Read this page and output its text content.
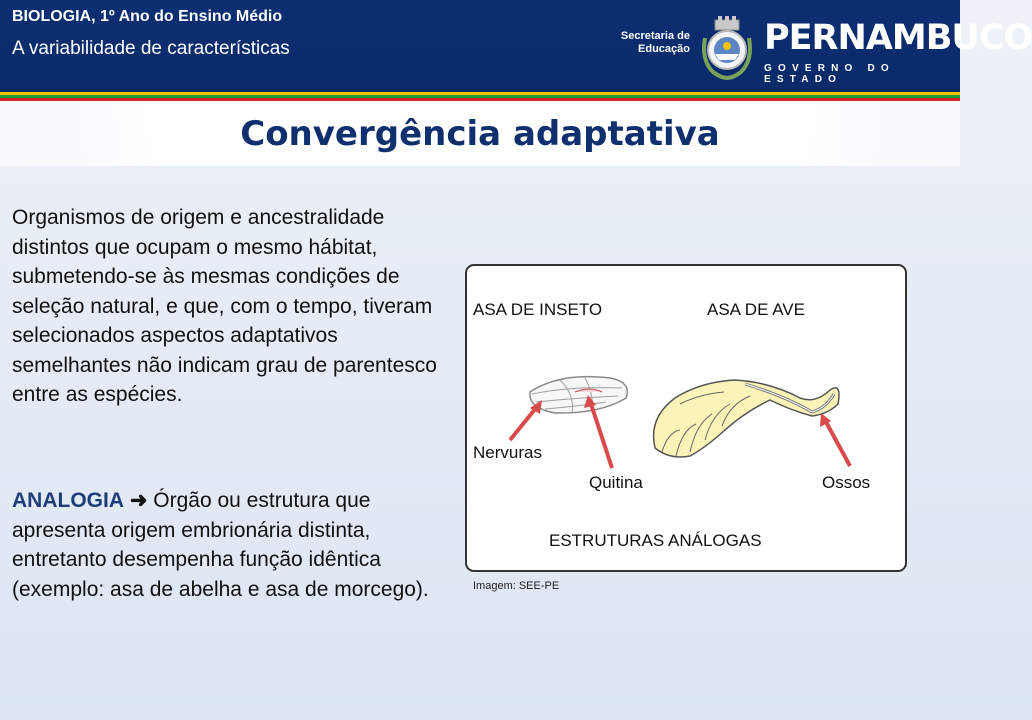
BIOLOGIA, 1º Ano do Ensino Médio
A variabilidade de características
Secretaria de
Educação PERNAMBUCO
GOVERNO DO ESTADO
Convergência adaptativa

Organismos de origem e ancestralidade distintos que ocupam o mesmo hábitat, submetendo-se às mesmas condições de seleção natural, e que, com o tempo, tiveram selecionados aspectos adaptativos semelhantes não indicam grau de parentesco entre as espécies.

ANALOGIA ➜ Órgão ou estrutura que apresenta origem embrionária distinta, entretanto desempenha função idêntica (exemplo: asa de abelha e asa de morcego).

ASA DE INSETO	ASA DE AVE
Nervuras
Quitina	Ossos
ESTRUTURAS ANÁLOGAS
Imagem: SEE-PE
